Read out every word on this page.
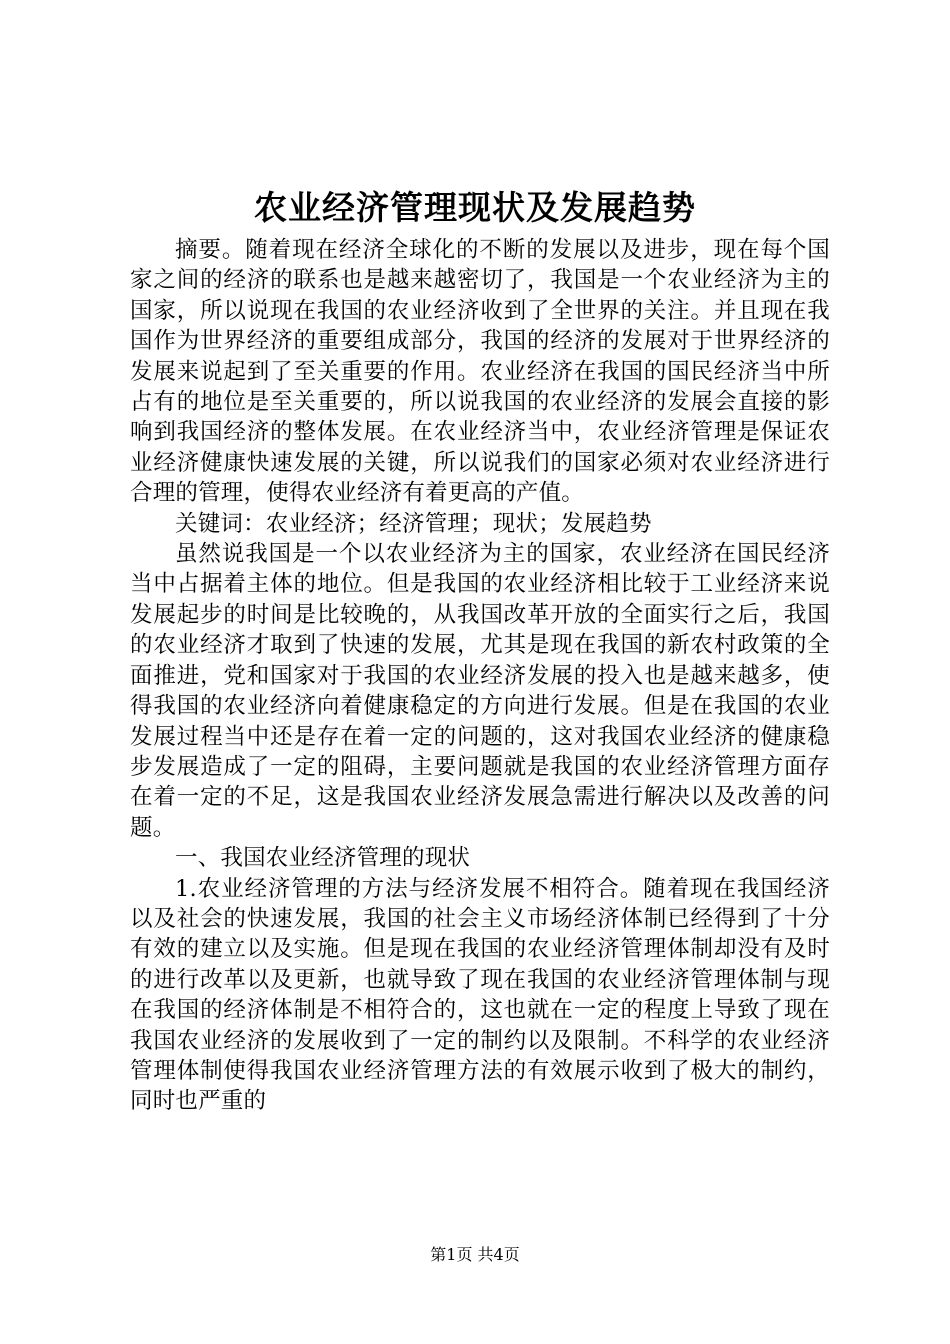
农业经济管理现状及发展趋势

摘要。随着现在经济全球化的不断的发展以及进步，现在每个国家之间的经济的联系也是越来越密切了，我国是一个农业经济为主的国家，所以说现在我国的农业经济收到了全世界的关注。并且现在我国作为世界经济的重要组成部分，我国的经济的发展对于世界经济的发展来说起到了至关重要的作用。农业经济在我国的国民经济当中所占有的地位是至关重要的，所以说我国的农业经济的发展会直接的影响到我国经济的整体发展。在农业经济当中，农业经济管理是保证农业经济健康快速发展的关键，所以说我们的国家必须对农业经济进行合理的管理，使得农业经济有着更高的产值。

关键词：农业经济；经济管理；现状；发展趋势

虽然说我国是一个以农业经济为主的国家，农业经济在国民经济当中占据着主体的地位。但是我国的农业经济相比较于工业经济来说发展起步的时间是比较晚的，从我国改革开放的全面实行之后，我国的农业经济才取到了快速的发展，尤其是现在我国的新农村政策的全面推进，党和国家对于我国的农业经济发展的投入也是越来越多，使得我国的农业经济向着健康稳定的方向进行发展。但是在我国的农业发展过程当中还是存在着一定的问题的，这对我国农业经济的健康稳步发展造成了一定的阻碍，主要问题就是我国的农业经济管理方面存在着一定的不足，这是我国农业经济发展急需进行解决以及改善的问题。

一、我国农业经济管理的现状

1.农业经济管理的方法与经济发展不相符合。随着现在我国经济以及社会的快速发展，我国的社会主义市场经济体制已经得到了十分有效的建立以及实施。但是现在我国的农业经济管理体制却没有及时的进行改革以及更新，也就导致了现在我国的农业经济管理体制与现在我国的经济体制是不相符合的，这也就在一定的程度上导致了现在我国农业经济的发展收到了一定的制约以及限制。不科学的农业经济管理体制使得我国农业经济管理方法的有效展示收到了极大的制约，同时也严重的

第1页 共4页
